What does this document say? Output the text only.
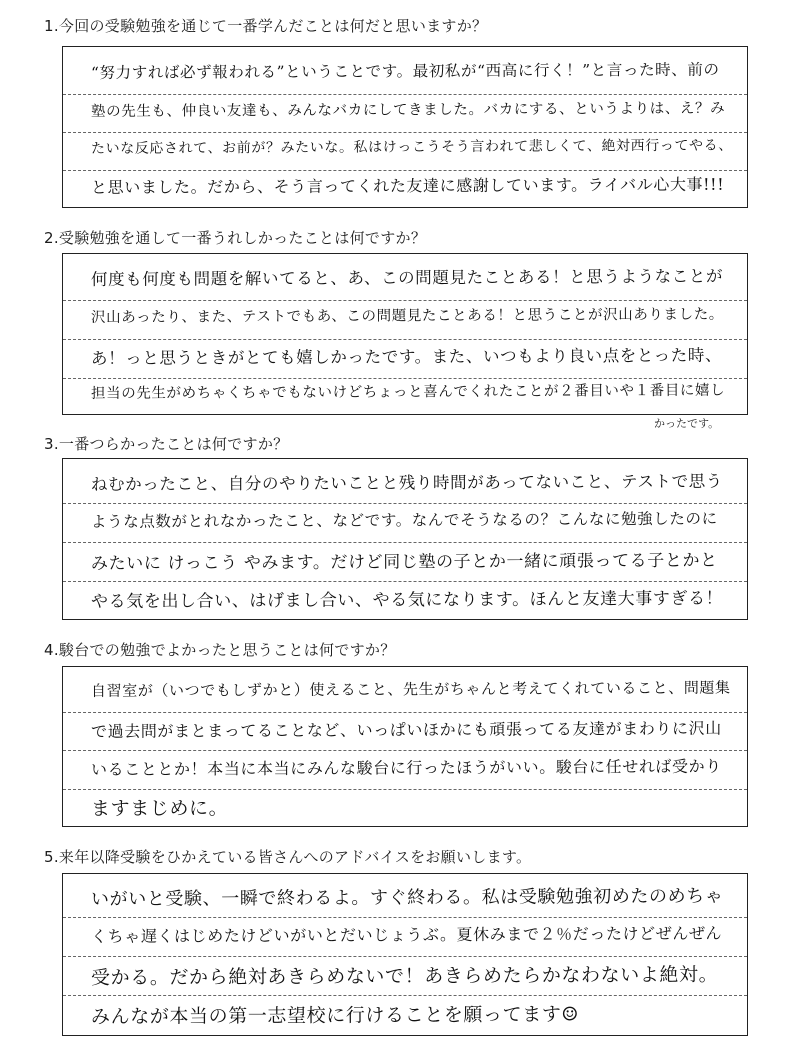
1.今回の受験勉強を通じて一番学んだことは何だと思いますか？
“努力すれば必ず報われる”ということです。最初私が“西高に行く！”と言った時、前の
塾の先生も、仲良い友達も、みんなバカにしてきました。バカにする、というよりは、え？み
たいな反応されて、お前が？みたいな。私はけっこうそう言われて悲しくて、絶対西行ってやる、
と思いました。だから、そう言ってくれた友達に感謝しています。ライバル心大事!!!
2.受験勉強を通して一番うれしかったことは何ですか？
何度も何度も問題を解いてると、あ、この問題見たことある！と思うようなことが
沢山あったり、また、テストでもあ、この問題見たことある！と思うことが沢山ありました。
あ！っと思うときがとても嬉しかったです。また、いつもより良い点をとった時、
担当の先生がめちゃくちゃでもないけどちょっと喜んでくれたことが２番目いや１番目に嬉し
かったです。
3.一番つらかったことは何ですか？
ねむかったこと、自分のやりたいことと残り時間があってないこと、テストで思う
ような点数がとれなかったこと、などです。なんでそうなるの？こんなに勉強したのに
みたいに けっこう やみます。だけど同じ塾の子とか一緒に頑張ってる子とかと
やる気を出し合い、はげまし合い、やる気になります。ほんと友達大事すぎる！
4.駿台での勉強でよかったと思うことは何ですか？
自習室が（いつでもしずかと）使えること、先生がちゃんと考えてくれていること、問題集
で過去問がまとまってることなど、いっぱいほかにも頑張ってる友達がまわりに沢山
いることとか！本当に本当にみんな駿台に行ったほうがいい。駿台に任せれば受かり
ますまじめに。
5.来年以降受験をひかえている皆さんへのアドバイスをお願いします。
いがいと受験、一瞬で終わるよ。すぐ終わる。私は受験勉強初めたのめちゃ
くちゃ遅くはじめたけどいがいとだいじょうぶ。夏休みまで２％だったけどぜんぜん
受かる。だから絶対あきらめないで！あきらめたらかなわないよ絶対。
みんなが本当の第一志望校に行けることを願ってます☺
